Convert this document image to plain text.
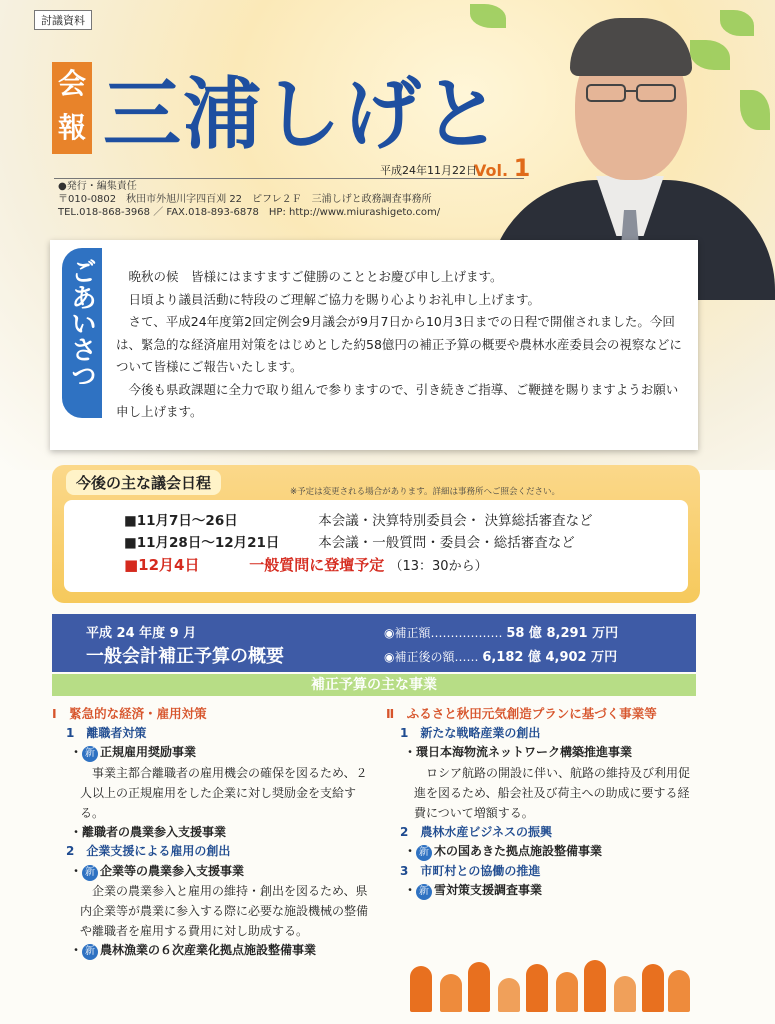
討議資料
会
報 三浦しげと
平成24年11月22日
Vol. 1
●発行・編集責任
〒010-0802　秋田市外旭川字四百刈 22　ピフレ２Ｆ　三浦しげと政務調査事務所
TEL.018-868-3968 ／ FAX.018-893-6878　HP: http://www.miurashigeto.com/
ごあいさつ	晩秋の候　皆様にはますますご健勝のこととお慶び申し上げます。

日頃より議員活動に特段のご理解ご協力を賜り心よりお礼申し上げます。

さて、平成24年度第2回定例会9月議会が9月7日から10月3日までの日程で開催されました。今回は、緊急的な経済雇用対策をはじめとした約58億円の補正予算の概要や農林水産委員会の視察などについて皆様にご報告いたします。

今後も県政課題に全力で取り組んで参りますので、引き続きご指導、ご鞭撻を賜りますようお願い申し上げます。

今後の主な議会日程	※予定は変更される場合があります。詳細は事務所へご照会ください。
■11月7日～26日	本会議・決算特別委員会・ 決算総括審査など
■11月28日～12月21日	本会議・一般質問・委員会・総括審査など
■12月4日	一般質問に登壇予定 （13：30から）
平成 24 年度 9 月
一般会計補正予算の概要
◉補正額……………… 58 億 8,291 万円
◉補正後の額…… 6,182 億 4,902 万円
補正予算の主な事業
Ⅰ　緊急的な経済・雇用対策
1　離職者対策
・ 新 正規雇用奨励事業
事業主都合離職者の雇用機会の確保を図るため、２人以上の正規雇用をした企業に対し奨励金を支給する。
・離職者の農業参入支援事業
2　企業支援による雇用の創出
・ 新 企業等の農業参入支援事業
企業の農業参入と雇用の維持・創出を図るため、県内企業等が農業に参入する際に必要な施設機械の整備や離職者を雇用する費用に対し助成する。
・ 新 農林漁業の６次産業化拠点施設整備事業
Ⅱ　ふるさと秋田元気創造プランに基づく事業等
1　新たな戦略産業の創出
・環日本海物流ネットワーク構築推進事業
ロシア航路の開設に伴い、航路の維持及び利用促進を図るため、船会社及び荷主への助成に要する経費について増額する。
2　農林水産ビジネスの振興
・ 新 木の国あきた拠点施設整備事業
3　市町村との協働の推進
・ 新 雪対策支援調査事業
